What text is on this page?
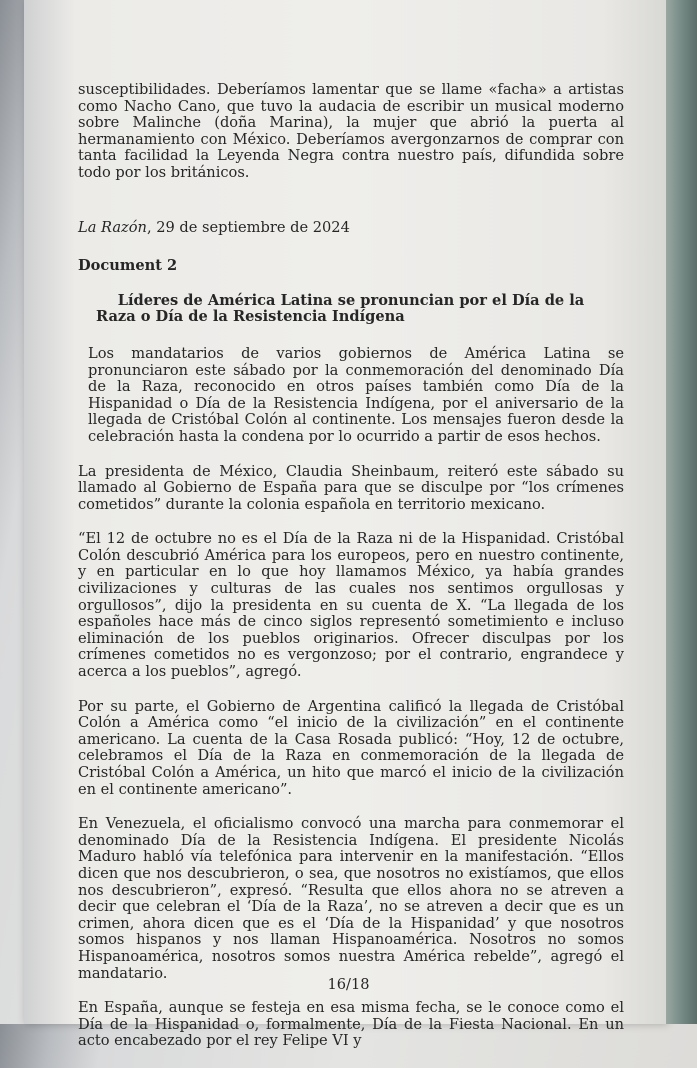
susceptibilidades. Deberíamos lamentar que se llame «facha» a artistas como Nacho Cano, que tuvo la audacia de escribir un musical moderno sobre Malinche (doña Marina), la mujer que abrió la puerta al hermanamiento con México. Deberíamos avergonzarnos de comprar con tanta facilidad la Leyenda Negra contra nuestro país, difundida sobre todo por los británicos.

La Razón, 29 de septiembre de 2024

Document 2

Líderes de América Latina se pronuncian por el Día de la Raza o Día de la Resistencia Indígena

Los mandatarios de varios gobiernos de América Latina se pronunciaron este sábado por la conmemoración del denominado Día de la Raza, reconocido en otros países también como Día de la Hispanidad o Día de la Resistencia Indígena, por el aniversario de la llegada de Cristóbal Colón al continente. Los mensajes fueron desde la celebración hasta la condena por lo ocurrido a partir de esos hechos.

La presidenta de México, Claudia Sheinbaum, reiteró este sábado su llamado al Gobierno de España para que se disculpe por “los crímenes cometidos” durante la colonia española en territorio mexicano.

“El 12 de octubre no es el Día de la Raza ni de la Hispanidad. Cristóbal Colón descubrió América para los europeos, pero en nuestro continente, y en particular en lo que hoy llamamos México, ya había grandes civilizaciones y culturas de las cuales nos sentimos orgullosas y orgullosos”, dijo la presidenta en su cuenta de X. “La llegada de los españoles hace más de cinco siglos representó sometimiento e incluso eliminación de los pueblos originarios. Ofrecer disculpas por los crímenes cometidos no es vergonzoso; por el contrario, engrandece y acerca a los pueblos”, agregó.

Por su parte, el Gobierno de Argentina calificó la llegada de Cristóbal Colón a América como “el inicio de la civilización” en el continente americano. La cuenta de la Casa Rosada publicó: “Hoy, 12 de octubre, celebramos el Día de la Raza en conmemoración de la llegada de Cristóbal Colón a América, un hito que marcó el inicio de la civilización en el continente americano”.

En Venezuela, el oficialismo convocó una marcha para conmemorar el denominado Día de la Resistencia Indígena. El presidente Nicolás Maduro habló vía telefónica para intervenir en la manifestación. “Ellos dicen que nos descubrieron, o sea, que nosotros no existíamos, que ellos nos descubrieron”, expresó. “Resulta que ellos ahora no se atreven a decir que celebran el ‘Día de la Raza’, no se atreven a decir que es un crimen, ahora dicen que es el ‘Día de la Hispanidad’ y que nosotros somos hispanos y nos llaman Hispanoamérica. Nosotros no somos Hispanoamérica, nosotros somos nuestra América rebelde”, agregó el mandatario.

En España, aunque se festeja en esa misma fecha, se le conoce como el Día de la Hispanidad o, formalmente, Día de la Fiesta Nacional. En un acto encabezado por el rey Felipe VI y

16/18
